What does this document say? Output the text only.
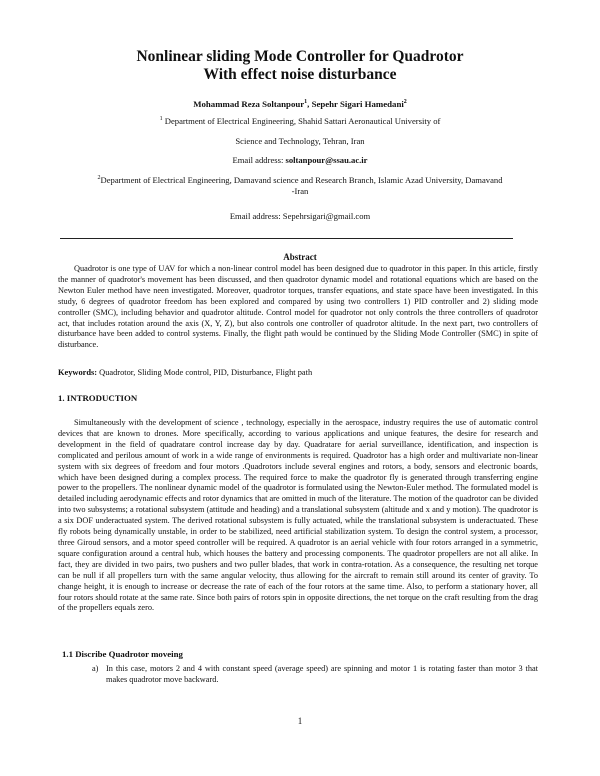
Nonlinear sliding Mode Controller for Quadrotor
With effect noise disturbance
Mohammad Reza Soltanpour$^1$, Sepehr Sigari Hamedani$^2$
$^1$ Department of Electrical Engineering, Shahid Sattari Aeronautical University of
Science and Technology, Tehran, Iran
Email address: soltanpour@ssau.ac.ir
$^2$Department of Electrical Engineering, Damavand science and Research Branch, Islamic Azad University, Damavand
-Iran
Email address: Sepehrsigari@gmail.com
Abstract
Quadrotor is one type of UAV for which a non-linear control model has been designed due to quadrotor in this paper. In this article, firstly the manner of quadrotor's movement has been discussed, and then quadrotor dynamic model and rotational equations which are based on the Newton Euler method have neen investigated. Moreover, quadrotor torques, transfer equations, and state space have been investigated. In this study, 6 degrees of quadrotor freedom has been explored and compared by using two controllers 1) PID controller and 2) sliding mode controller (SMC), including behavior and quadrotor altitude. Control model for quadrotor not only controls the three controllers of quadrotor act, that includes rotation around the axis (X, Y, Z), but also controls one controller of quadrotor altitude. In the next part, two controllers of disturbance have been added to control systems. Finally, the flight path would be continued by the Sliding Mode Controller (SMC) in spite of disturbance.
Keywords: Quadrotor, Sliding Mode control, PID, Disturbance, Flight path
1. INTRODUCTION
Simultaneously with the development of science , technology, especially in the aerospace, industry requires the use of automatic control devices that are known to drones. More specifically, according to various applications and unique features, the desire for research and development in the field of quadratare control increase day by day. Quadratare for aerial surveillance, identification, and inspection is complicated and perilous amount of work in a wide range of environments is required. Quadrotor has a high order and multivariate non-linear system with six degrees of freedom and four motors .Quadrotors include several engines and rotors, a body, sensors and electronic boards, which have been designed during a complex process. The required force to make the quadrotor fly is generated through transferring engine power to the propellers. The nonlinear dynamic model of the quadrotor is formulated using the Newton-Euler method. The formulated model is detailed including aerodynamic effects and rotor dynamics that are omitted in much of the literature. The motion of the quadrotor can be divided into two subsystems; a rotational subsystem (attitude and heading) and a translational subsystem (altitude and x and y motion). The quadrotor is a six DOF underactuated system. The derived rotational subsystem is fully actuated, while the translational subsystem is underactuated. These fly robots being dynamically unstable, in order to be stabilized, need artificial stabilization system. To design the control system, a processor, three Giroud sensors, and a motor speed controller will be required. A quadrotor is an aerial vehicle with four rotors arranged in a symmetric, square configuration around a central hub, which houses the battery and processing components. The quadrotor propellers are not all alike. In fact, they are divided in two pairs, two pushers and two puller blades, that work in contra-rotation. As a consequence, the resulting net torque can be null if all propellers turn with the same angular velocity, thus allowing for the aircraft to remain still around its center of gravity. To change height, it is enough to increase or decrease the rate of each of the four rotors at the same time. Also, to perform a stationary hover, all four rotors should rotate at the same rate. Since both pairs of rotors spin in opposite directions, the net torque on the craft resulting from the drag of the propellers equals zero.
1.1 Discribe Quadrotor moveing
a) In this case, motors 2 and 4 with constant speed (average speed) are spinning and motor 1 is rotating faster than motor 3 that makes quadrotor move backward.
1
